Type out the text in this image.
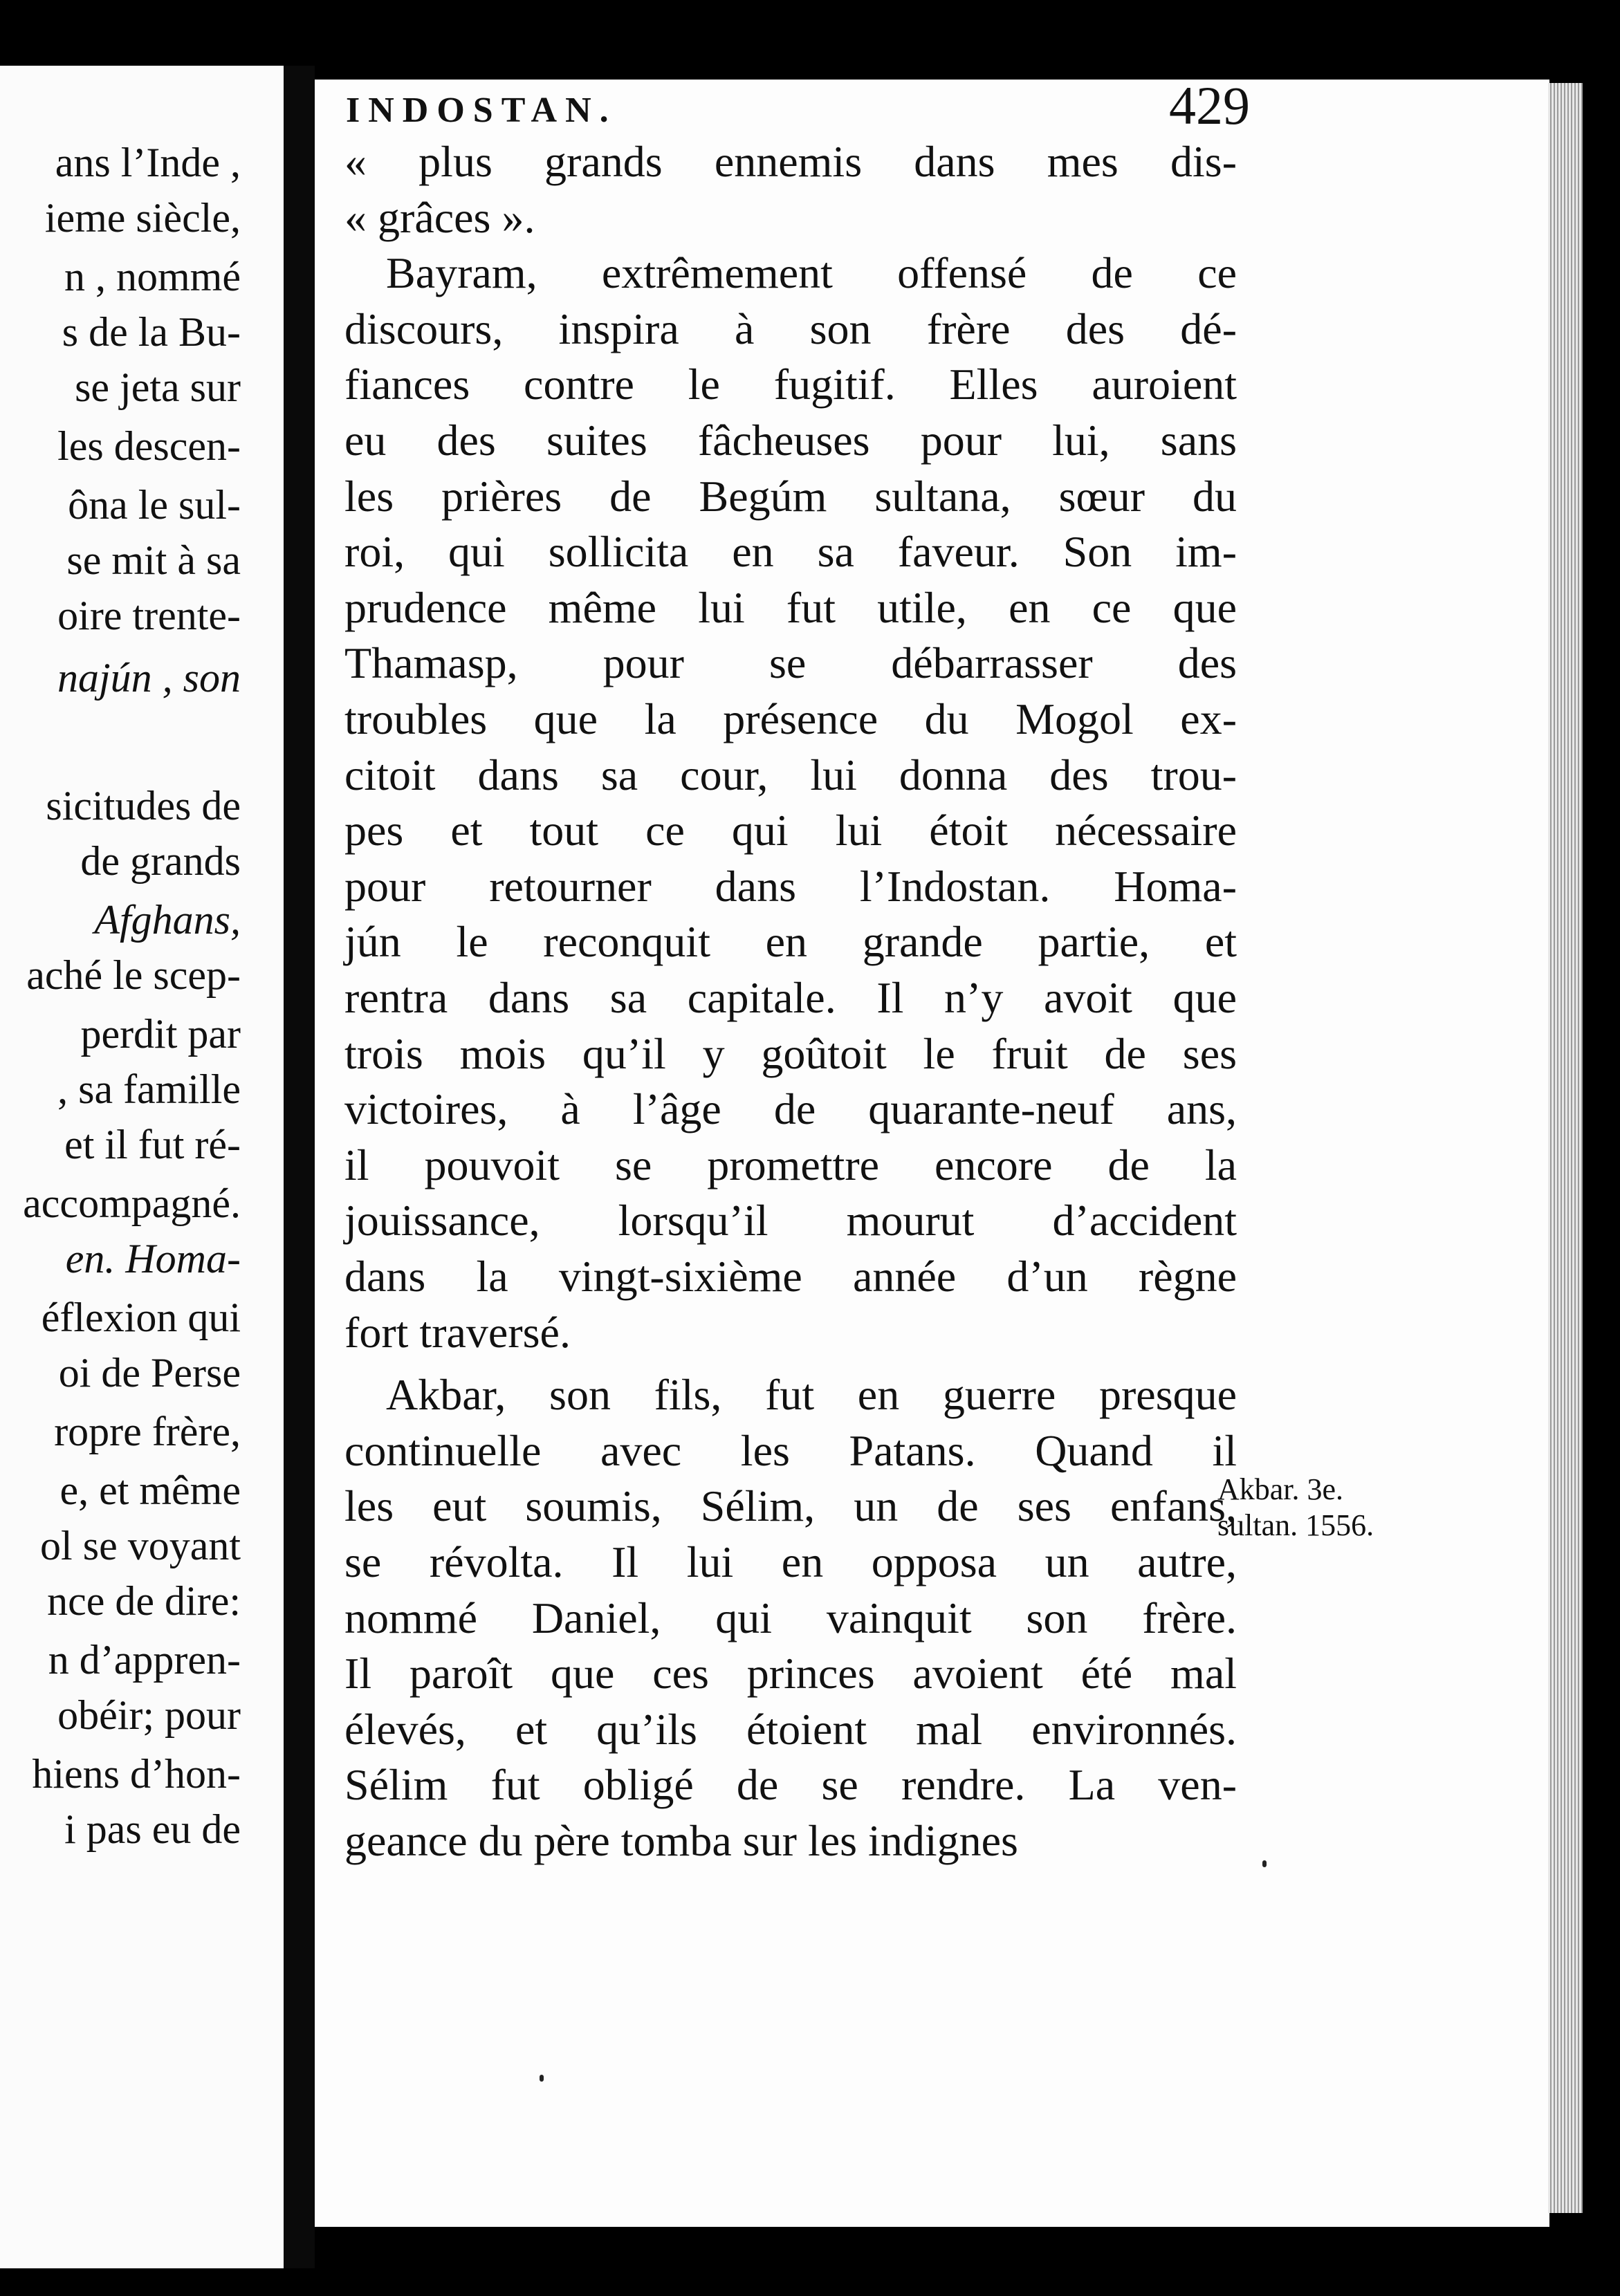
ans l’Inde ,
ieme siècle,
n , nommé
s de la Bu-
se jeta sur
les descen-
ôna le sul-
se mit à sa
oire trente-
najún , son
sicitudes de
de grands
Afghans,
aché le scep-
perdit par
, sa famille
et il fut ré-
accompagné.
en. Homa-
éflexion qui
oi de Perse
ropre frère,
e, et même
ol se voyant
nce de dire:
n d’appren-
obéir; pour
hiens d’hon-
i pas eu de
INDOSTAN.	429
« plus grands ennemis dans mes dis-
« grâces ».
Bayram, extrêmement offensé de ce
discours, inspira à son frère des dé-
fiances contre le fugitif. Elles auroient
eu des suites fâcheuses pour lui, sans
les prières de Begúm sultana, sœur du
roi, qui sollicita en sa faveur. Son im-
prudence même lui fut utile, en ce que
Thamasp, pour se débarrasser des
troubles que la présence du Mogol ex-
citoit dans sa cour, lui donna des trou-
pes et tout ce qui lui étoit nécessaire
pour retourner dans l’Indostan. Homa-
jún le reconquit en grande partie, et
rentra dans sa capitale. Il n’y avoit que
trois mois qu’il y goûtoit le fruit de ses
victoires, à l’âge de quarante-neuf ans,
il pouvoit se promettre encore de la
jouissance, lorsqu’il mourut d’accident
dans la vingt-sixième année d’un règne
fort traversé.
Akbar, son fils, fut en guerre presque
continuelle avec les Patans. Quand il
les eut soumis, Sélim, un de ses enfans,
se révolta. Il lui en opposa un autre,
nommé Daniel, qui vainquit son frère.
Il paroît que ces princes avoient été mal
élevés, et qu’ils étoient mal environnés.
Sélim fut obligé de se rendre. La ven-
geance du père tomba sur les indignes
Akbar. 3e.
sultan. 1556.
